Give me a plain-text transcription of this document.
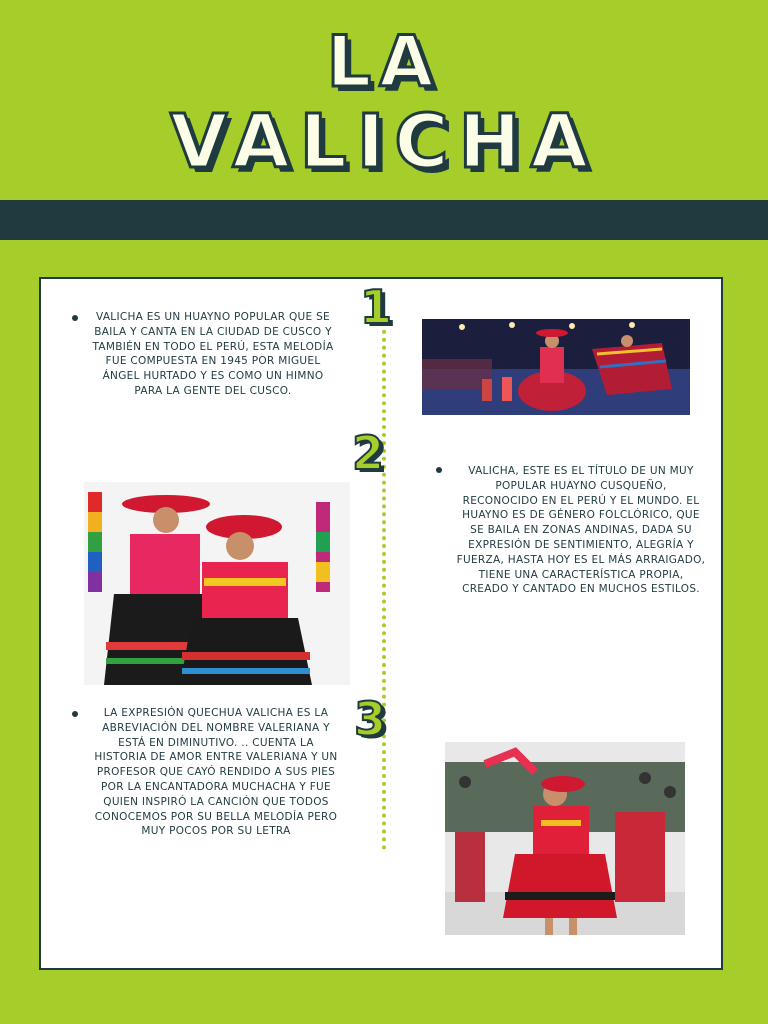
LA
VALICHA
1
2
3

VALICHA ES UN HUAYNO POPULAR QUE SE BAILA Y CANTA EN LA CIUDAD DE CUSCO Y TAMBIÉN EN TODO EL PERÚ, ESTA MELODÍA FUE COMPUESTA EN 1945 POR MIGUEL ÁNGEL HURTADO Y ES COMO UN HIMNO PARA LA GENTE DEL CUSCO.

VALICHA, ESTE ES EL TÍTULO DE UN MUY POPULAR HUAYNO CUSQUEÑO, RECONOCIDO EN EL PERÚ Y EL MUNDO. EL HUAYNO ES DE GÉNERO FOLCLÓRICO, QUE SE BAILA EN ZONAS ANDINAS, DADA SU EXPRESIÓN DE SENTIMIENTO, ALEGRÍA Y FUERZA, HASTA HOY ES EL MÁS ARRAIGADO, TIENE UNA CARACTERÍSTICA PROPIA, CREADO Y CANTADO EN MUCHOS ESTILOS.

LA EXPRESIÓN QUECHUA VALICHA ES LA ABREVIACIÓN DEL NOMBRE VALERIANA Y ESTÁ EN DIMINUTIVO. .. CUENTA LA HISTORIA DE AMOR ENTRE VALERIANA Y UN PROFESOR QUE CAYÓ RENDIDO A SUS PIES POR LA ENCANTADORA MUCHACHA Y FUE QUIEN INSPIRÓ LA CANCIÓN QUE TODOS CONOCEMOS POR SU BELLA MELODÍA PERO MUY POCOS POR SU LETRA
